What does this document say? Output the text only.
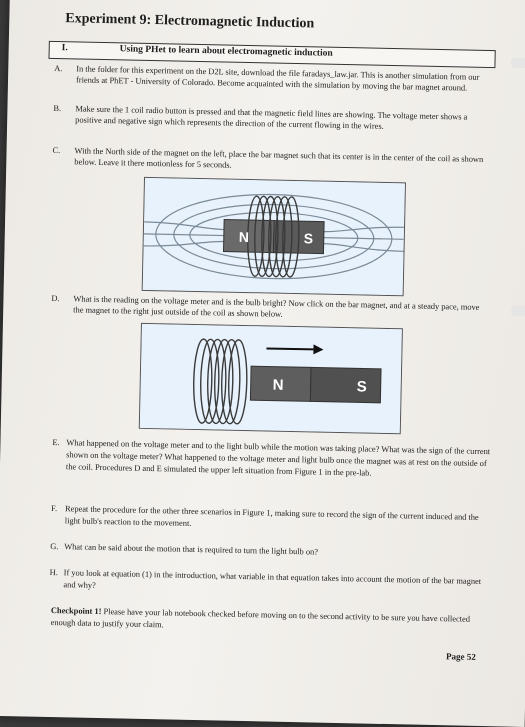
Experiment 9: Electromagnetic Induction
I.	Using PHet to learn about electromagnetic induction
A.	In the folder for this experiment on the D2L site, download the file faradays_law.jar. This is another simulation from our friends at PhET - University of Colorado. Become acquainted with the simulation by moving the bar magnet around.
B.	Make sure the 1 coil radio button is pressed and that the magnetic field lines are showing. The voltage meter shows a positive and negative sign which represents the direction of the current flowing in the wires.
C.	With the North side of the magnet on the left, place the bar magnet such that its center is in the center of the coil as shown below. Leave it there motionless for 5 seconds.
N	S
D.	What is the reading on the voltage meter and is the bulb bright? Now click on the bar magnet, and at a steady pace, move the magnet to the right just outside of the coil as shown below.
N	S
E. What happened on the voltage meter and to the light bulb while the motion was taking place? What was the sign of the current shown on the voltage meter? What happened to the voltage meter and light bulb once the magnet was at rest on the outside of the coil. Procedures D and E simulated the upper left situation from Figure 1 in the pre-lab.
F. Repeat the procedure for the other three scenarios in Figure 1, making sure to record the sign of the current induced and the light bulb's reaction to the movement.
G. What can be said about the motion that is required to turn the light bulb on?
H. If you look at equation (1) in the introduction, what variable in that equation takes into account the motion of the bar magnet and why?
Checkpoint 1! Please have your lab notebook checked before moving on to the second activity to be sure you have collected enough data to justify your claim.
Page 52
